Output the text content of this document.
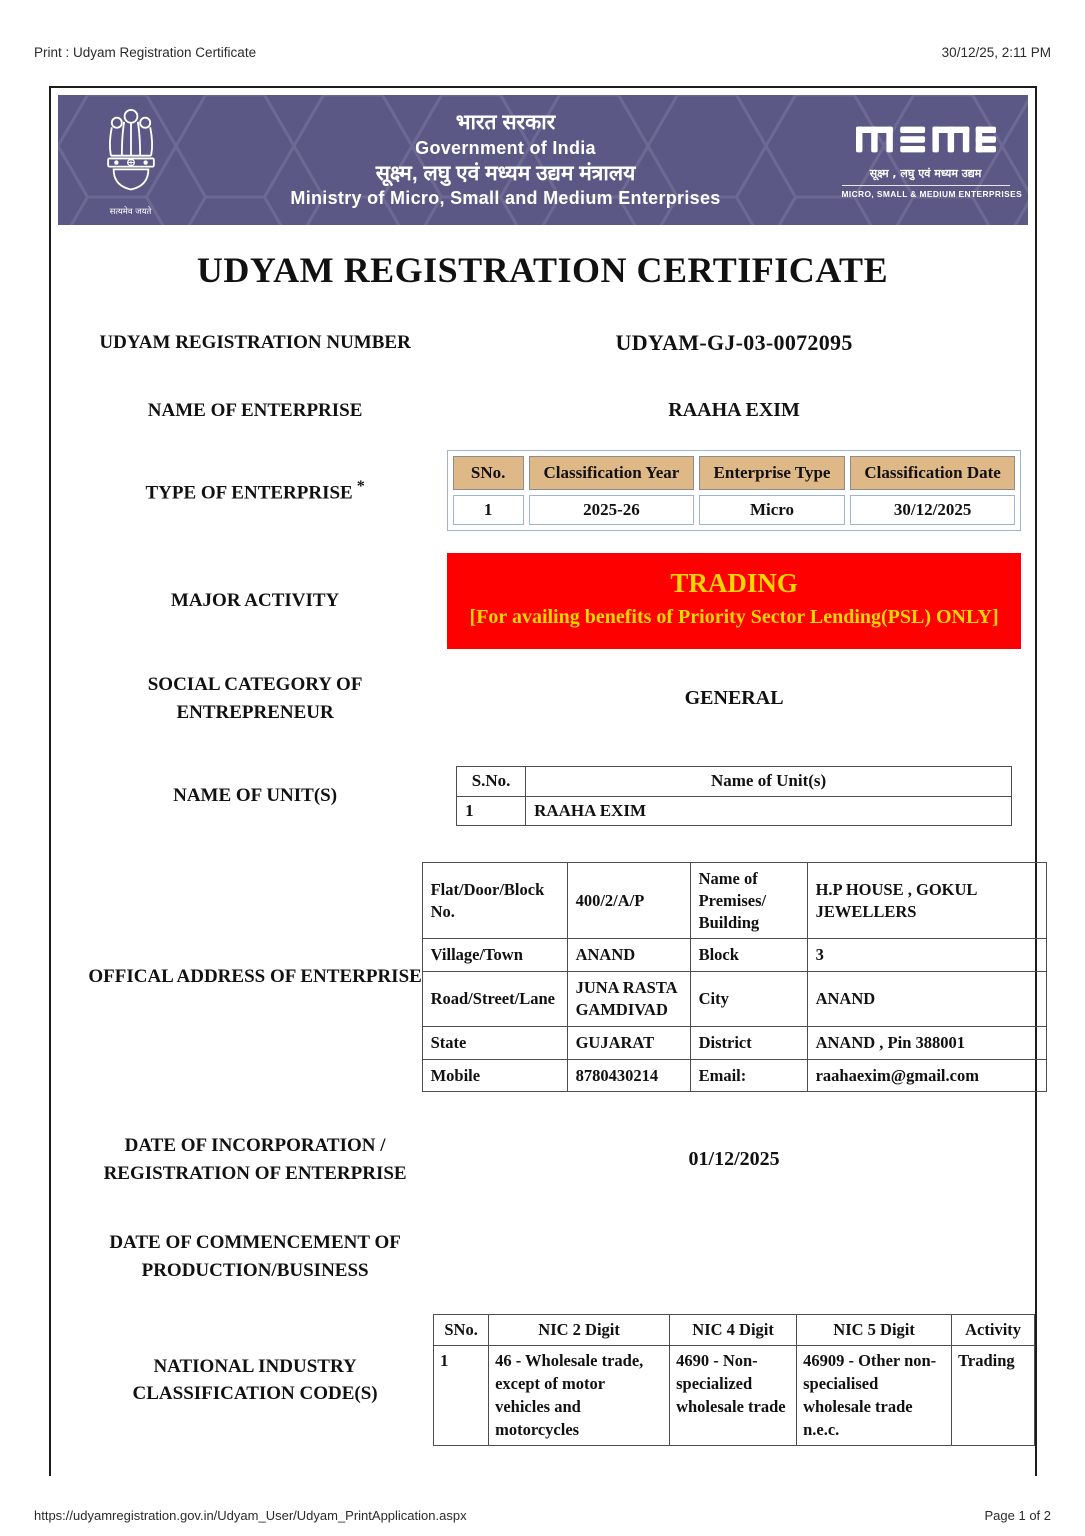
Print : Udyam Registration Certificate	30/12/25, 2:11 PM
सत्यमेव जयते
भारत सरकार
Government of India
सूक्ष्म, लघु एवं मध्यम उद्यम मंत्रालय
Ministry of Micro, Small and Medium Enterprises
सूक्ष्म , लघु एवं मध्यम उद्यम
MICRO, SMALL & MEDIUM ENTERPRISES
UDYAM REGISTRATION CERTIFICATE
UDYAM REGISTRATION NUMBER	UDYAM-GJ-03-0072095
NAME OF ENTERPRISE	RAAHA EXIM
TYPE OF ENTERPRISE *
SNo.	Classification Year	Enterprise Type	Classification Date
1	2025-26	Micro	30/12/2025
MAJOR ACTIVITY
TRADING
[For availing benefits of Priority Sector Lending(PSL) ONLY]
SOCIAL CATEGORY OF ENTREPRENEUR
GENERAL
NAME OF UNIT(S)
S.No.	Name of Unit(s)
1	RAAHA EXIM
OFFICAL ADDRESS OF ENTERPRISE
Flat/Door/Block No.	400/2/A/P	Name of Premises/ Building	H.P HOUSE , GOKUL JEWELLERS
Village/Town	ANAND	Block	3
Road/Street/Lane	JUNA RASTA GAMDIVAD	City	ANAND
State	GUJARAT	District	ANAND , Pin 388001
Mobile	8780430214	Email:	raahaexim@gmail.com
DATE OF INCORPORATION / REGISTRATION OF ENTERPRISE
01/12/2025
DATE OF COMMENCEMENT OF PRODUCTION/BUSINESS
NATIONAL INDUSTRY CLASSIFICATION CODE(S)
SNo.	NIC 2 Digit	NIC 4 Digit	NIC 5 Digit	Activity
1	46 - Wholesale trade, except of motor vehicles and motorcycles	4690 - Non-specialized wholesale trade	46909 - Other non-specialised wholesale trade n.e.c.	Trading
https://udyamregistration.gov.in/Udyam_User/Udyam_PrintApplication.aspx	Page 1 of 2
